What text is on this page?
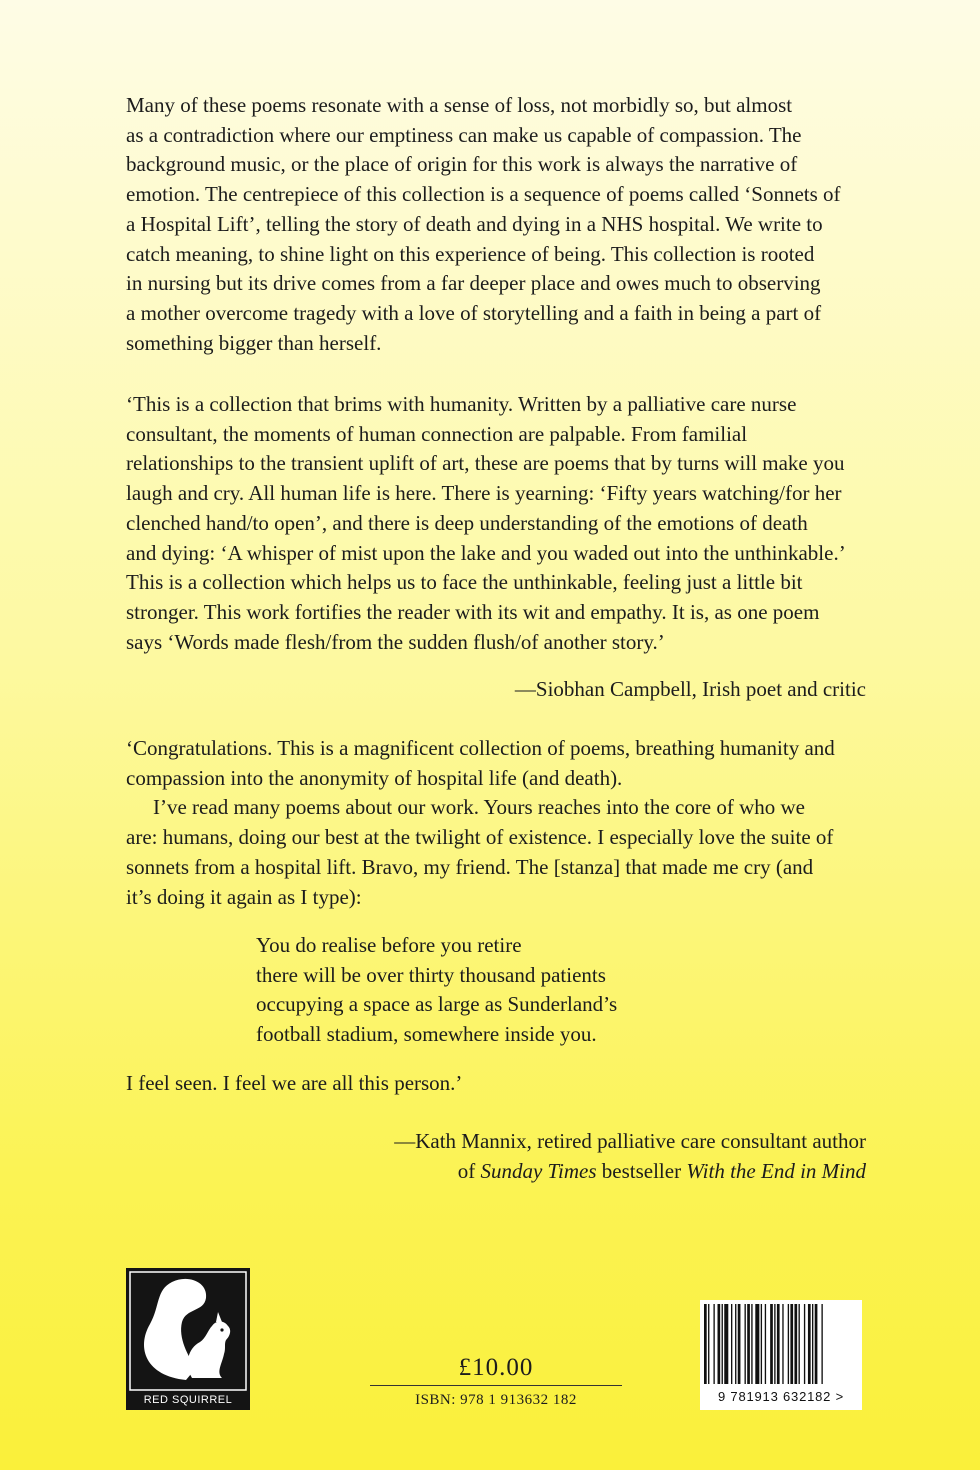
Many of these poems resonate with a sense of loss, not morbidly so, but almost
as a contradiction where our emptiness can make us capable of compassion. The
background music, or the place of origin for this work is always the narrative of
emotion. The centrepiece of this collection is a sequence of poems called ‘Sonnets of
a Hospital Lift’, telling the story of death and dying in a NHS hospital. We write to
catch meaning, to shine light on this experience of being. This collection is rooted
in nursing but its drive comes from a far deeper place and owes much to observing
a mother overcome tragedy with a love of storytelling and a faith in being a part of
something bigger than herself.
‘This is a collection that brims with humanity. Written by a palliative care nurse
consultant, the moments of human connection are palpable. From familial
relationships to the transient uplift of art, these are poems that by turns will make you
laugh and cry. All human life is here. There is yearning: ‘Fifty years watching/for her
clenched hand/to open’, and there is deep understanding of the emotions of death
and dying: ‘A whisper of mist upon the lake and you waded out into the unthinkable.’
This is a collection which helps us to face the unthinkable, feeling just a little bit
stronger. This work fortifies the reader with its wit and empathy. It is, as one poem
says ‘Words made flesh/from the sudden flush/of another story.’
—Siobhan Campbell, Irish poet and critic
‘Congratulations. This is a magnificent collection of poems, breathing humanity and
compassion into the anonymity of hospital life (and death).
I’ve read many poems about our work. Yours reaches into the core of who we
are: humans, doing our best at the twilight of existence. I especially love the suite of
sonnets from a hospital lift. Bravo, my friend. The [stanza] that made me cry (and
it’s doing it again as I type):
You do realise before you retire
there will be over thirty thousand patients
occupying a space as large as Sunderland’s
football stadium, somewhere inside you.
I feel seen. I feel we are all this person.’
—Kath Mannix, retired palliative care consultant author
of Sunday Times bestseller With the End in Mind
RED SQUIRREL
£10.00
ISBN: 978 1 913632 182	9 781913 632182 >
